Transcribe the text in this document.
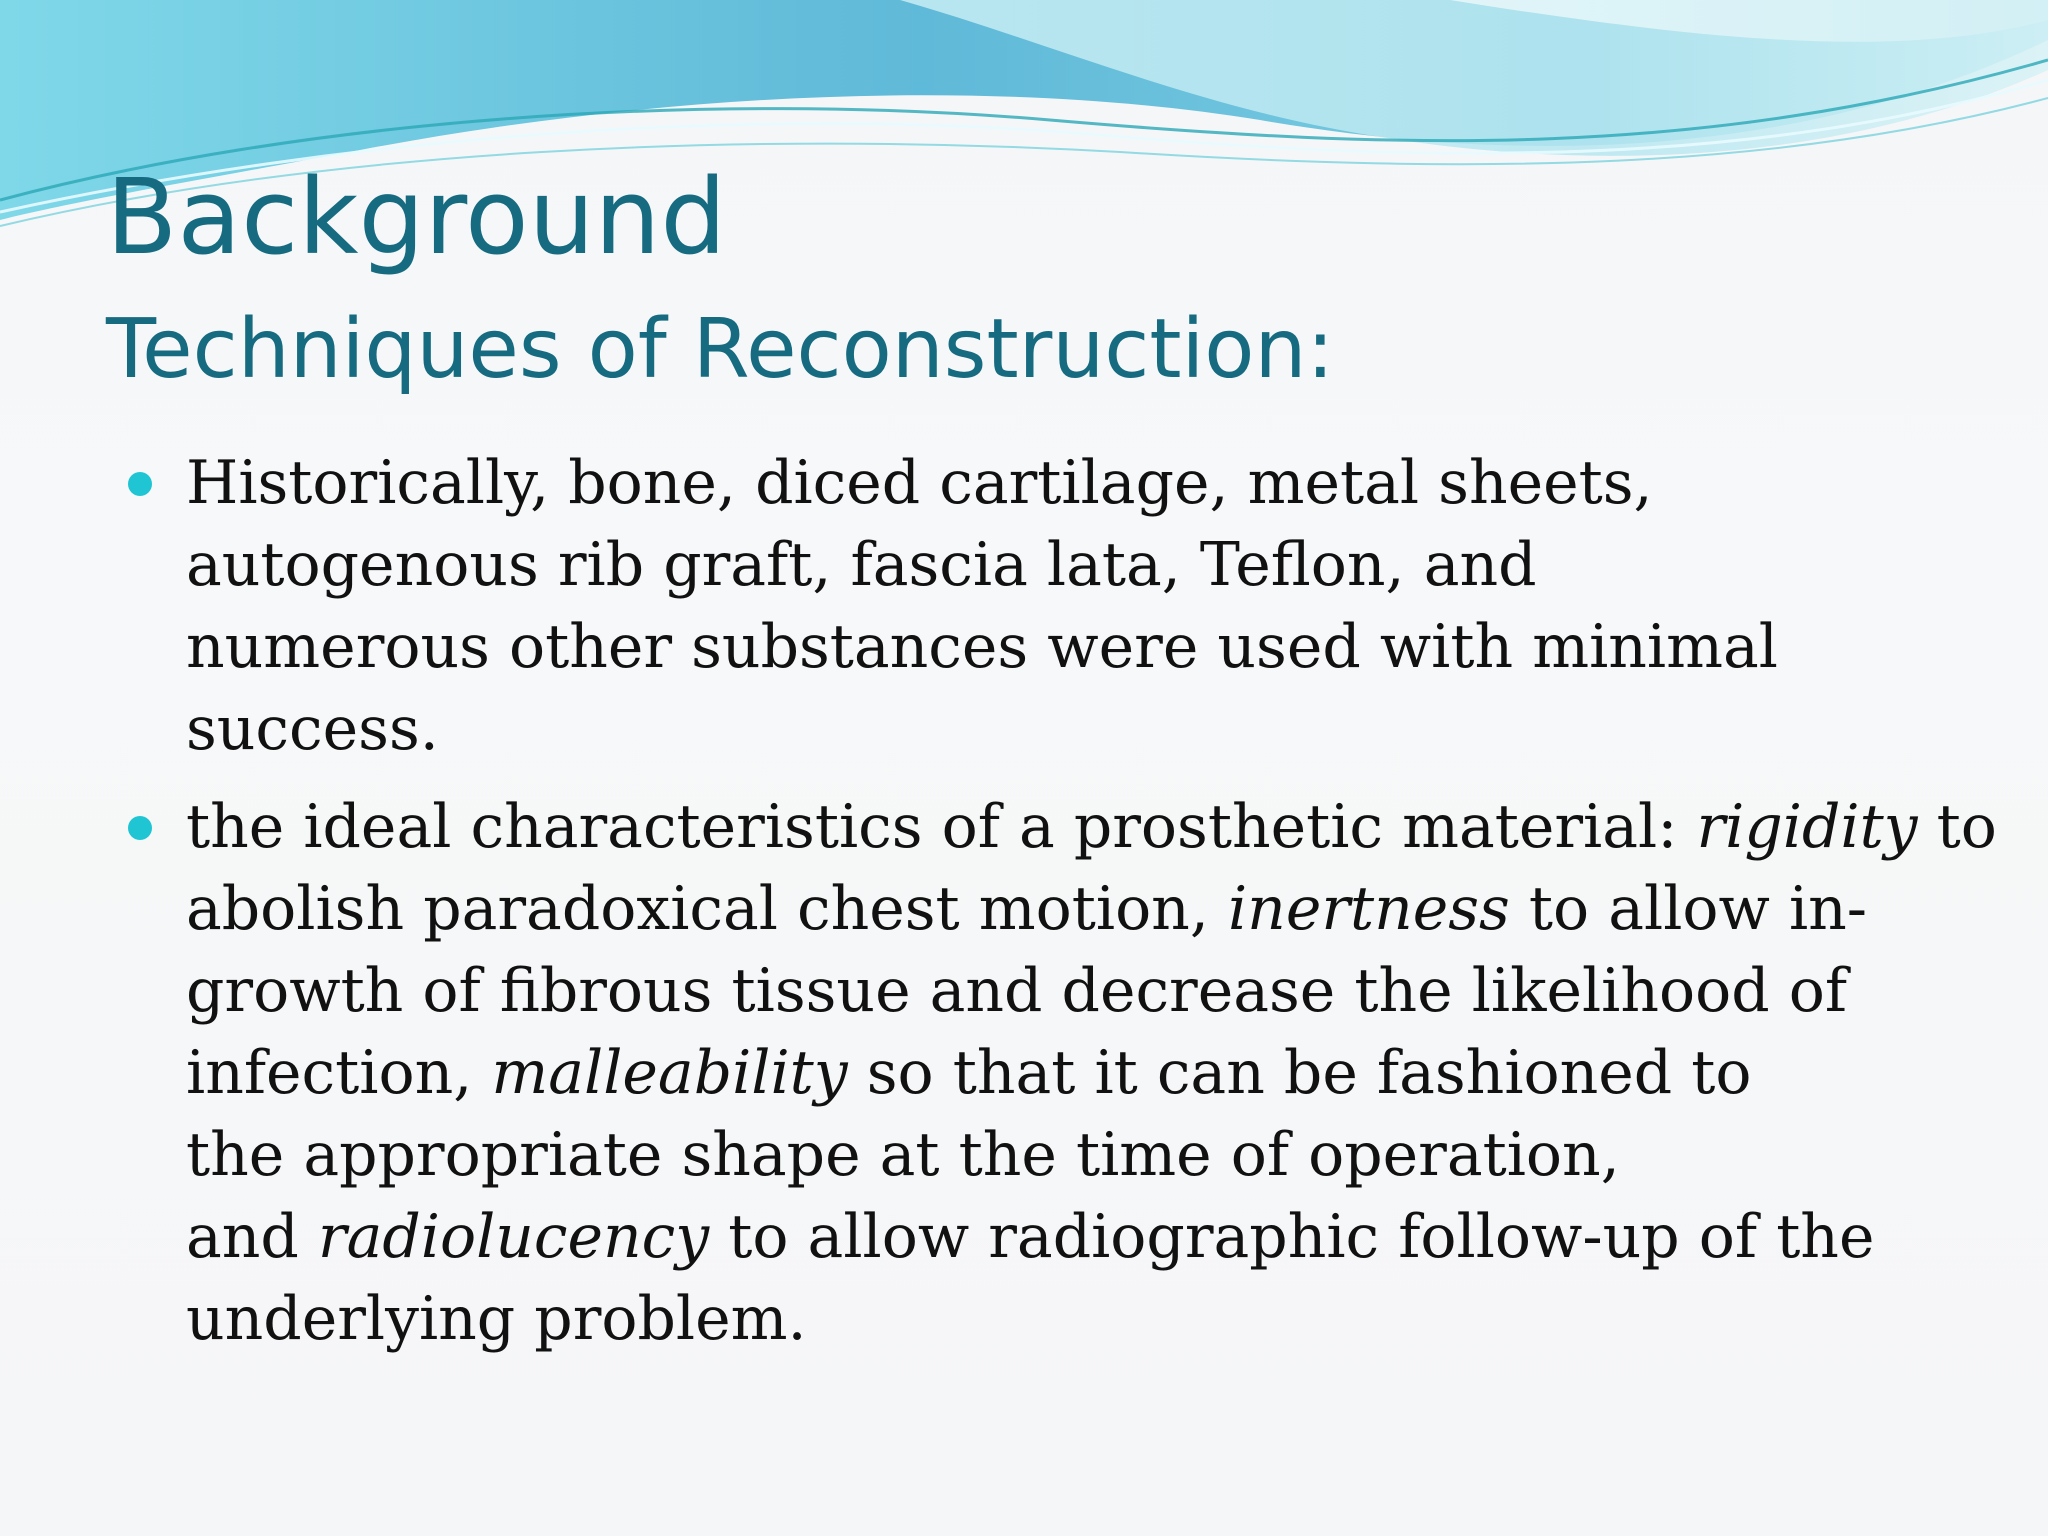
Background
Techniques of Reconstruction:
Historically, bone, diced cartilage, metal sheets,
autogenous rib graft, fascia lata, Teflon, and
numerous other substances were used with minimal
success.
the ideal characteristics of a prosthetic material: rigidity to
abolish paradoxical chest motion, inertness to allow in-
growth of fibrous tissue and decrease the likelihood of
infection, malleability so that it can be fashioned to
the appropriate shape at the time of operation,
and radiolucency to allow radiographic follow-up of the
underlying problem.
